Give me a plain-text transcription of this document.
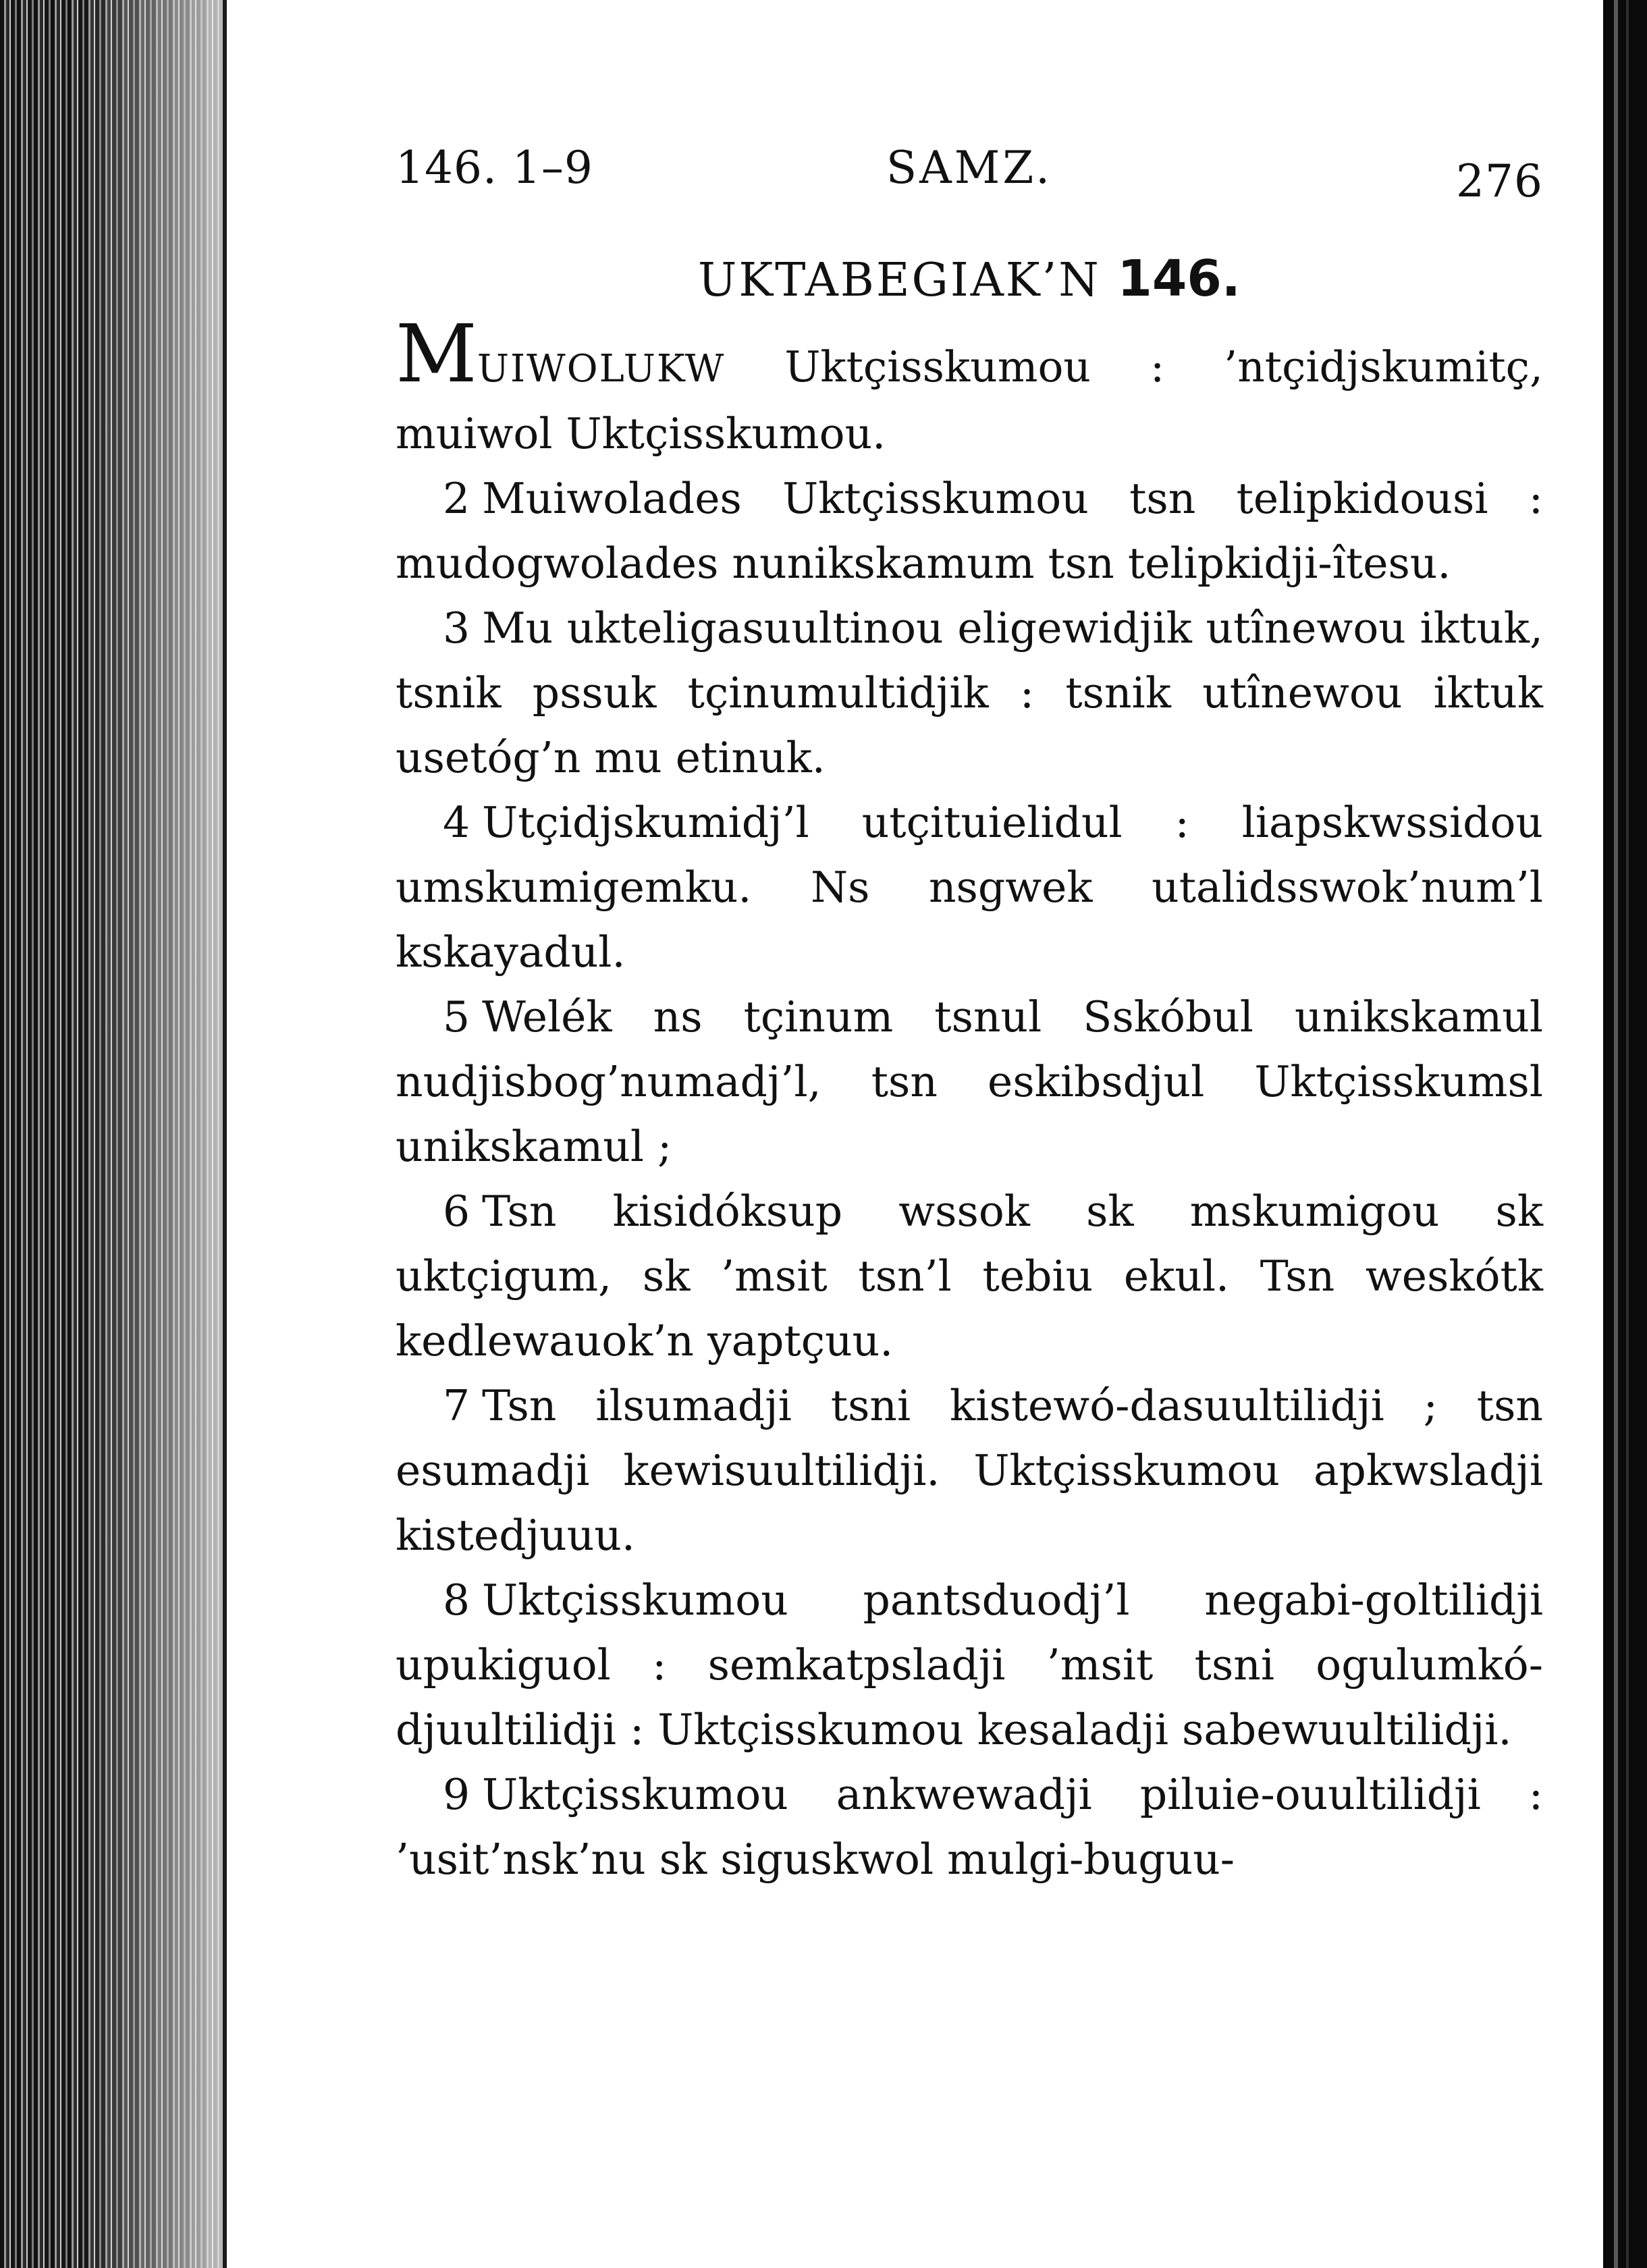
146. 1–9	SAMZ.	276
UKTABEGIAK’N 146.

MUIWOLUKW Uktçisskumou : ’ntçidjskumitç, muiwol Uktçisskumou.

2 Muiwolades Uktçisskumou tsn telipkidousi : mudogwolades nunikskamum tsn telipkidji-îtesu.

3 Mu ukteligasuultinou eligewidjik utînewou iktuk, tsnik pssuk tçinumultidjik : tsnik utînewou iktuk usetóg’n mu etinuk.

4 Utçidjskumidj’l utçituielidul : liapskwssidou umskumigemku. Ns nsgwek utalidsswok’num’l kskayadul.

5 Welék ns tçinum tsnul Sskóbul unikskamul nudjisbog’numadj’l, tsn eskibsdjul Uktçisskumsl unikskamul ;

6 Tsn kisidóksup wssok sk mskumigou sk uktçigum, sk ’msit tsn’l tebiu ekul. Tsn weskótk kedlewauok’n yaptçuu.

7 Tsn ilsumadji tsni kistewó-dasuultilidji ; tsn esumadji kewisuultilidji. Uktçisskumou apkwsladji kistedjuuu.

8 Uktçisskumou pantsduodj’l negabi-goltilidji upukiguol : semkatpsladji ’msit tsni ogulumkó-djuultilidji : Uktçisskumou kesaladji sabewuultilidji.

9 Uktçisskumou ankwewadji piluie-ouultilidji : ’usit’nsk’nu sk siguskwol mulgi-buguu-
